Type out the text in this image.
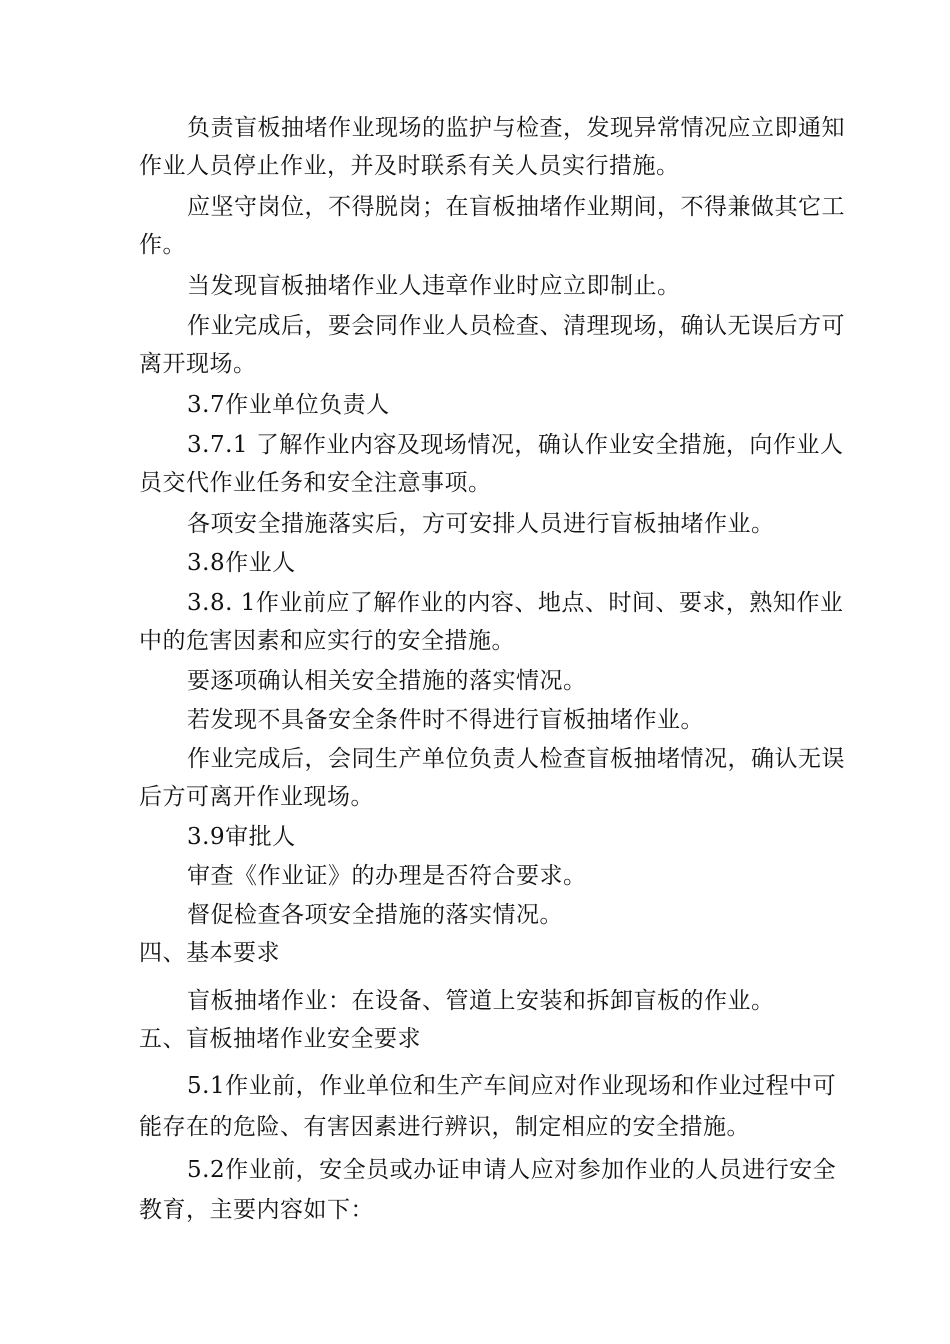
负责盲板抽堵作业现场的监护与检查，发现异常情况应立即通知
作业人员停止作业，并及时联系有关人员实行措施。
应坚守岗位，不得脱岗；在盲板抽堵作业期间，不得兼做其它工
作。
当发现盲板抽堵作业人违章作业时应立即制止。
作业完成后，要会同作业人员检查、清理现场，确认无误后方可
离开现场。
3.7作业单位负责人
3.7.1 了解作业内容及现场情况，确认作业安全措施，向作业人
员交代作业任务和安全注意事项。
各项安全措施落实后，方可安排人员进行盲板抽堵作业。
3.8作业人
3.8. 1作业前应了解作业的内容、地点、时间、要求，熟知作业
中的危害因素和应实行的安全措施。
要逐项确认相关安全措施的落实情况。
若发现不具备安全条件时不得进行盲板抽堵作业。
作业完成后，会同生产单位负责人检查盲板抽堵情况，确认无误
后方可离开作业现场。
3.9审批人
审查《作业证》的办理是否符合要求。
督促检查各项安全措施的落实情况。
四、基本要求
盲板抽堵作业：在设备、管道上安装和拆卸盲板的作业。
五、盲板抽堵作业安全要求
5.1作业前，作业单位和生产车间应对作业现场和作业过程中可
能存在的危险、有害因素进行辨识，制定相应的安全措施。
5.2作业前，安全员或办证申请人应对参加作业的人员进行安全
教育，主要内容如下：
